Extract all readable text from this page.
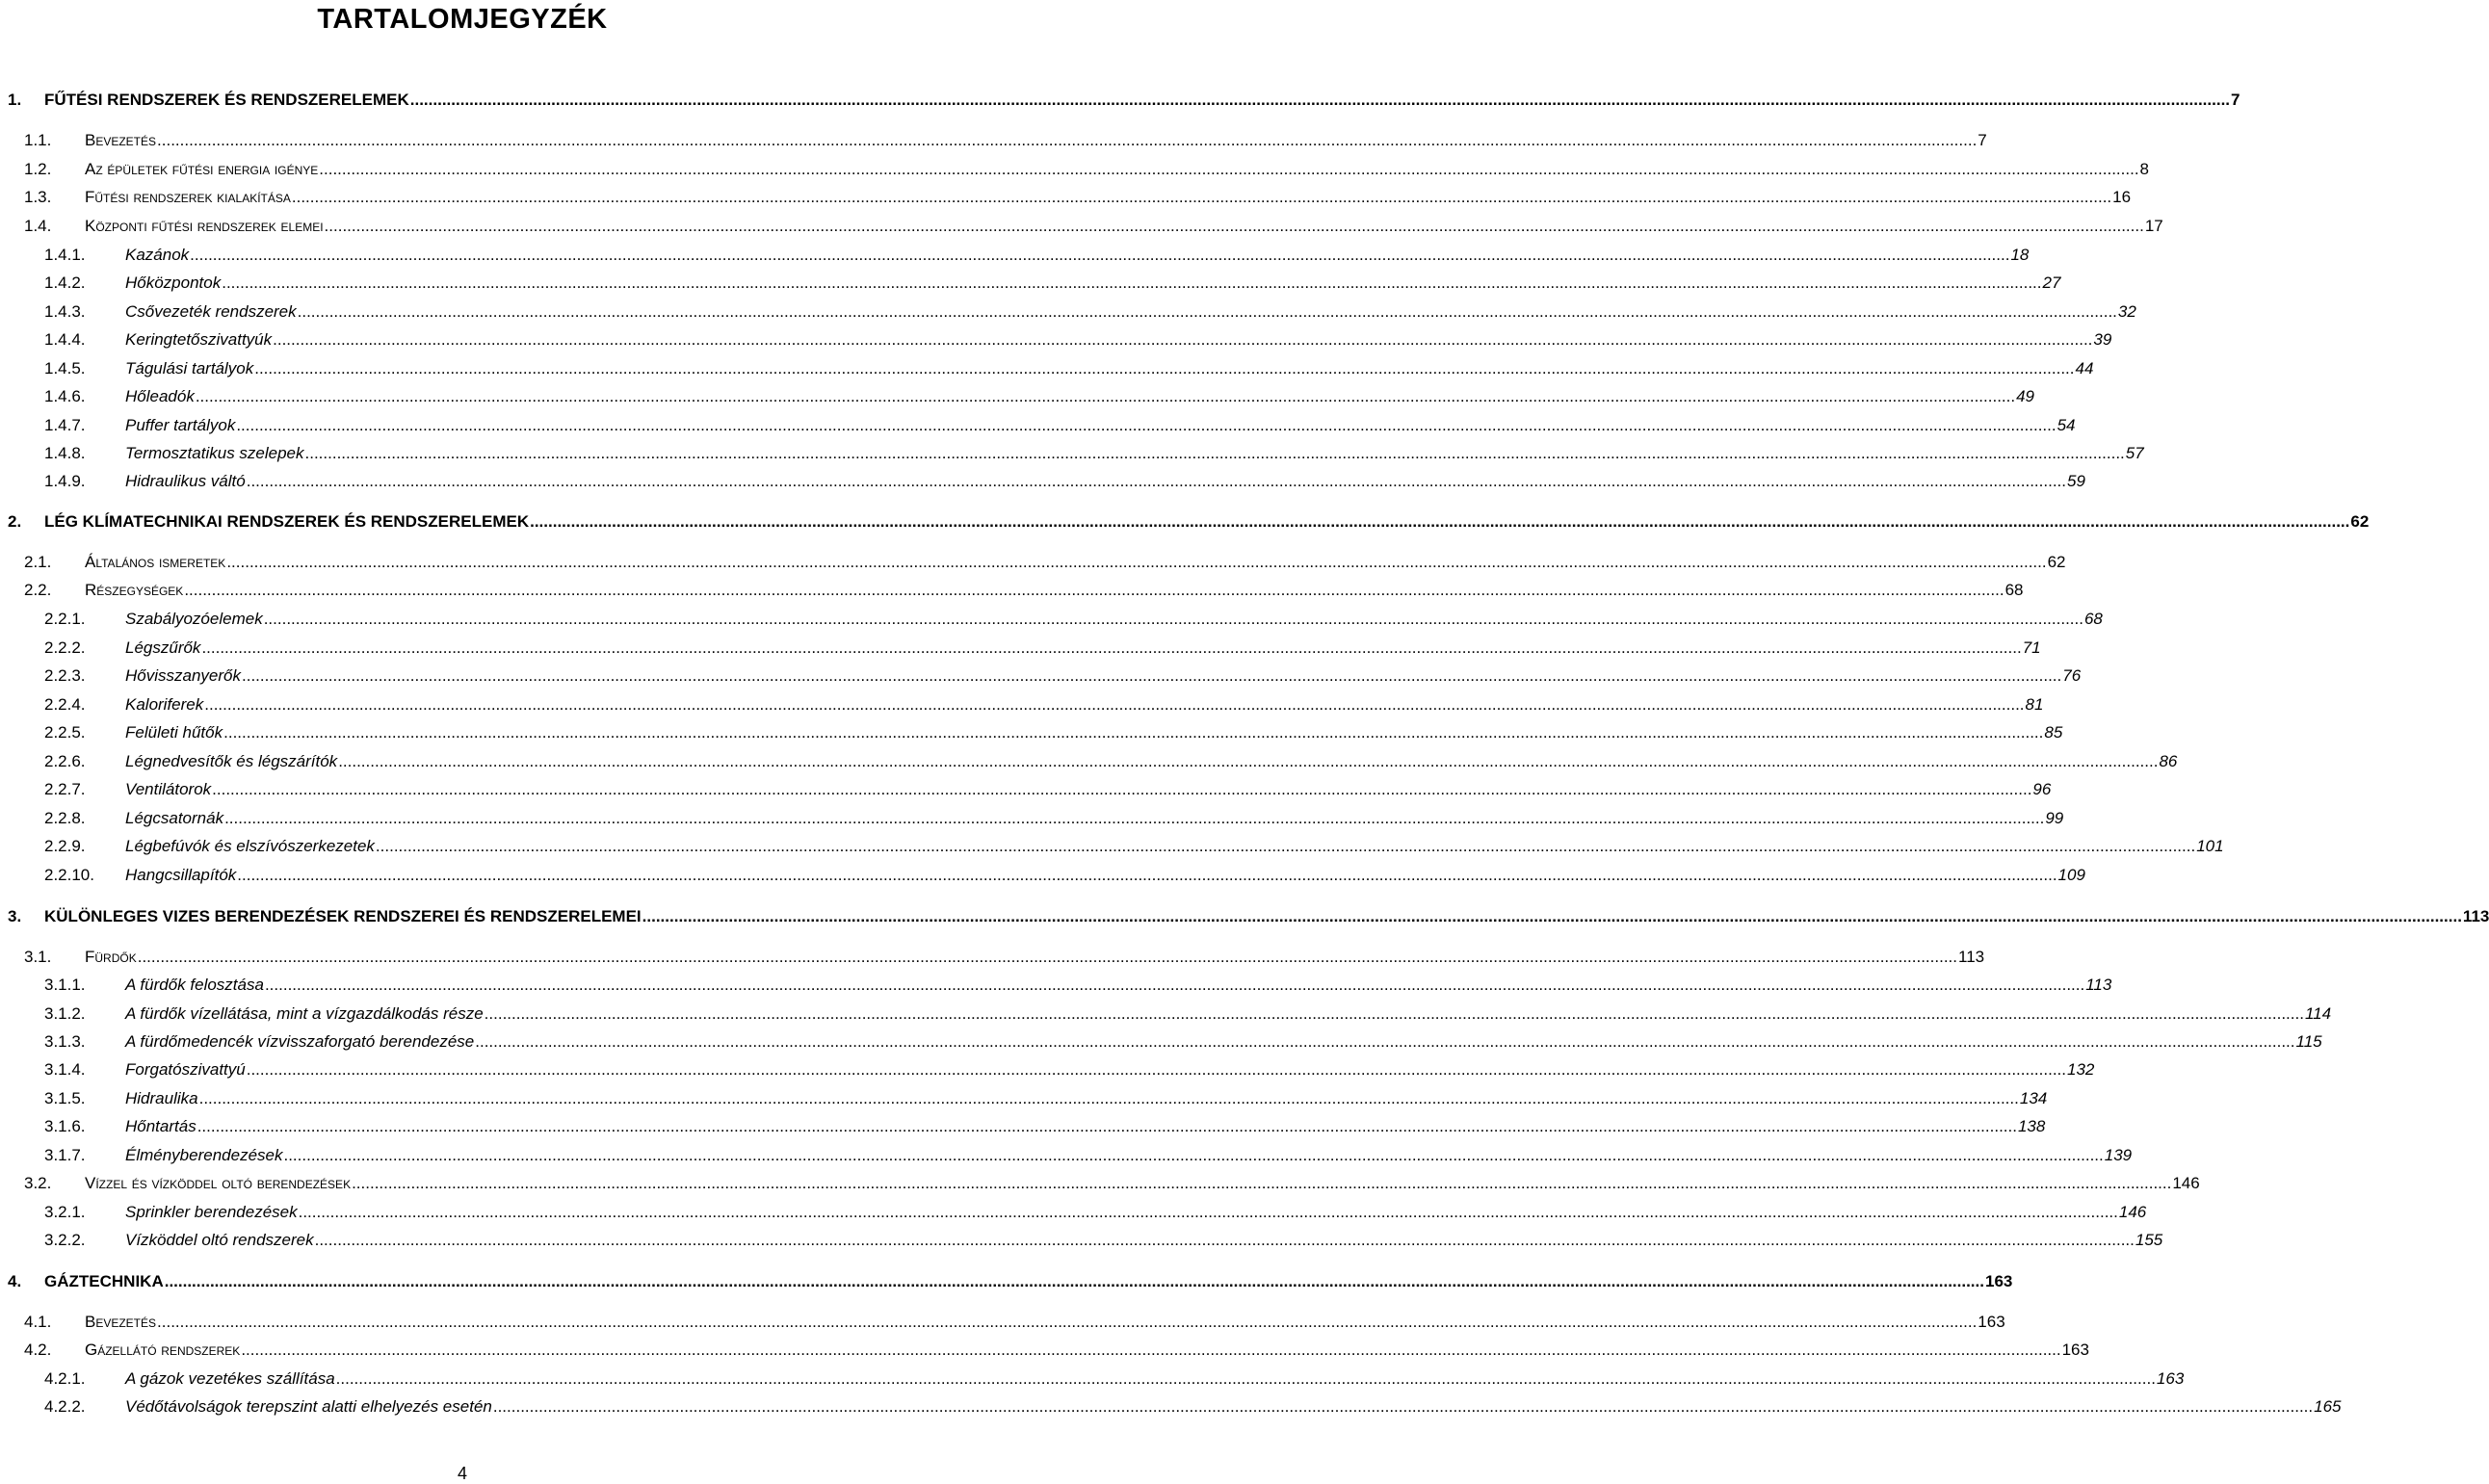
TARTALOMJEGYZÉK
1. FŰTÉSI RENDSZEREK ÉS RENDSZERELEMEK ................................................................................................................................................................................................................................................................................................................................................................................................................ 7
1.1. Bevezetés ................................................................................................................................................................................................................................................................................................................................................................................................................ 7
1.2. Az épületek fűtési energia igénye ................................................................................................................................................................................................................................................................................................................................................................................................................ 8
1.3. Fűtési rendszerek kialakítása ................................................................................................................................................................................................................................................................................................................................................................................................................ 16
1.4. Központi fűtési rendszerek elemei ................................................................................................................................................................................................................................................................................................................................................................................................................ 17
1.4.1. Kazánok ................................................................................................................................................................................................................................................................................................................................................................................................................ 18
1.4.2. Hőközpontok ................................................................................................................................................................................................................................................................................................................................................................................................................ 27
1.4.3. Csővezeték rendszerek ................................................................................................................................................................................................................................................................................................................................................................................................................ 32
1.4.4. Keringtetőszivattyúk ................................................................................................................................................................................................................................................................................................................................................................................................................ 39
1.4.5. Tágulási tartályok ................................................................................................................................................................................................................................................................................................................................................................................................................ 44
1.4.6. Hőleadók ................................................................................................................................................................................................................................................................................................................................................................................................................ 49
1.4.7. Puffer tartályok ................................................................................................................................................................................................................................................................................................................................................................................................................ 54
1.4.8. Termosztatikus szelepek ................................................................................................................................................................................................................................................................................................................................................................................................................ 57
1.4.9. Hidraulikus váltó ................................................................................................................................................................................................................................................................................................................................................................................................................ 59
2. LÉG KLÍMATECHNIKAI RENDSZEREK ÉS RENDSZERELEMEK ................................................................................................................................................................................................................................................................................................................................................................................................................ 62
2.1. Általános ismeretek ................................................................................................................................................................................................................................................................................................................................................................................................................ 62
2.2. Részegységek ................................................................................................................................................................................................................................................................................................................................................................................................................ 68
2.2.1. Szabályozóelemek ................................................................................................................................................................................................................................................................................................................................................................................................................ 68
2.2.2. Légszűrők ................................................................................................................................................................................................................................................................................................................................................................................................................ 71
2.2.3. Hővisszanyerők ................................................................................................................................................................................................................................................................................................................................................................................................................ 76
2.2.4. Kaloriferek ................................................................................................................................................................................................................................................................................................................................................................................................................ 81
2.2.5. Felületi hűtők ................................................................................................................................................................................................................................................................................................................................................................................................................ 85
2.2.6. Légnedvesítők és légszárítók ................................................................................................................................................................................................................................................................................................................................................................................................................ 86
2.2.7. Ventilátorok ................................................................................................................................................................................................................................................................................................................................................................................................................ 96
2.2.8. Légcsatornák ................................................................................................................................................................................................................................................................................................................................................................................................................ 99
2.2.9. Légbefúvók és elszívószerkezetek ................................................................................................................................................................................................................................................................................................................................................................................................................ 101
2.2.10. Hangcsillapítók ................................................................................................................................................................................................................................................................................................................................................................................................................ 109
3. KÜLÖNLEGES VIZES BERENDEZÉSEK RENDSZEREI ÉS RENDSZERELEMEI ................................................................................................................................................................................................................................................................................................................................................................................................................ 113
3.1. Fürdők ................................................................................................................................................................................................................................................................................................................................................................................................................ 113
3.1.1. A fürdők felosztása ................................................................................................................................................................................................................................................................................................................................................................................................................ 113
3.1.2. A fürdők vízellátása, mint a vízgazdálkodás része ................................................................................................................................................................................................................................................................................................................................................................................................................ 114
3.1.3. A fürdőmedencék vízvisszaforgató berendezése ................................................................................................................................................................................................................................................................................................................................................................................................................ 115
3.1.4. Forgatószivattyú ................................................................................................................................................................................................................................................................................................................................................................................................................ 132
3.1.5. Hidraulika ................................................................................................................................................................................................................................................................................................................................................................................................................ 134
3.1.6. Hőntartás ................................................................................................................................................................................................................................................................................................................................................................................................................ 138
3.1.7. Élményberendezések ................................................................................................................................................................................................................................................................................................................................................................................................................ 139
3.2. Vízzel és vízköddel oltó berendezések ................................................................................................................................................................................................................................................................................................................................................................................................................ 146
3.2.1. Sprinkler berendezések ................................................................................................................................................................................................................................................................................................................................................................................................................ 146
3.2.2. Vízköddel oltó rendszerek ................................................................................................................................................................................................................................................................................................................................................................................................................ 155
4. GÁZTECHNIKA ................................................................................................................................................................................................................................................................................................................................................................................................................ 163
4.1. Bevezetés ................................................................................................................................................................................................................................................................................................................................................................................................................ 163
4.2. Gázellátó rendszerek ................................................................................................................................................................................................................................................................................................................................................................................................................ 163
4.2.1. A gázok vezetékes szállítása ................................................................................................................................................................................................................................................................................................................................................................................................................ 163
4.2.2. Védőtávolságok terepszint alatti elhelyezés esetén ................................................................................................................................................................................................................................................................................................................................................................................................................ 165
4
